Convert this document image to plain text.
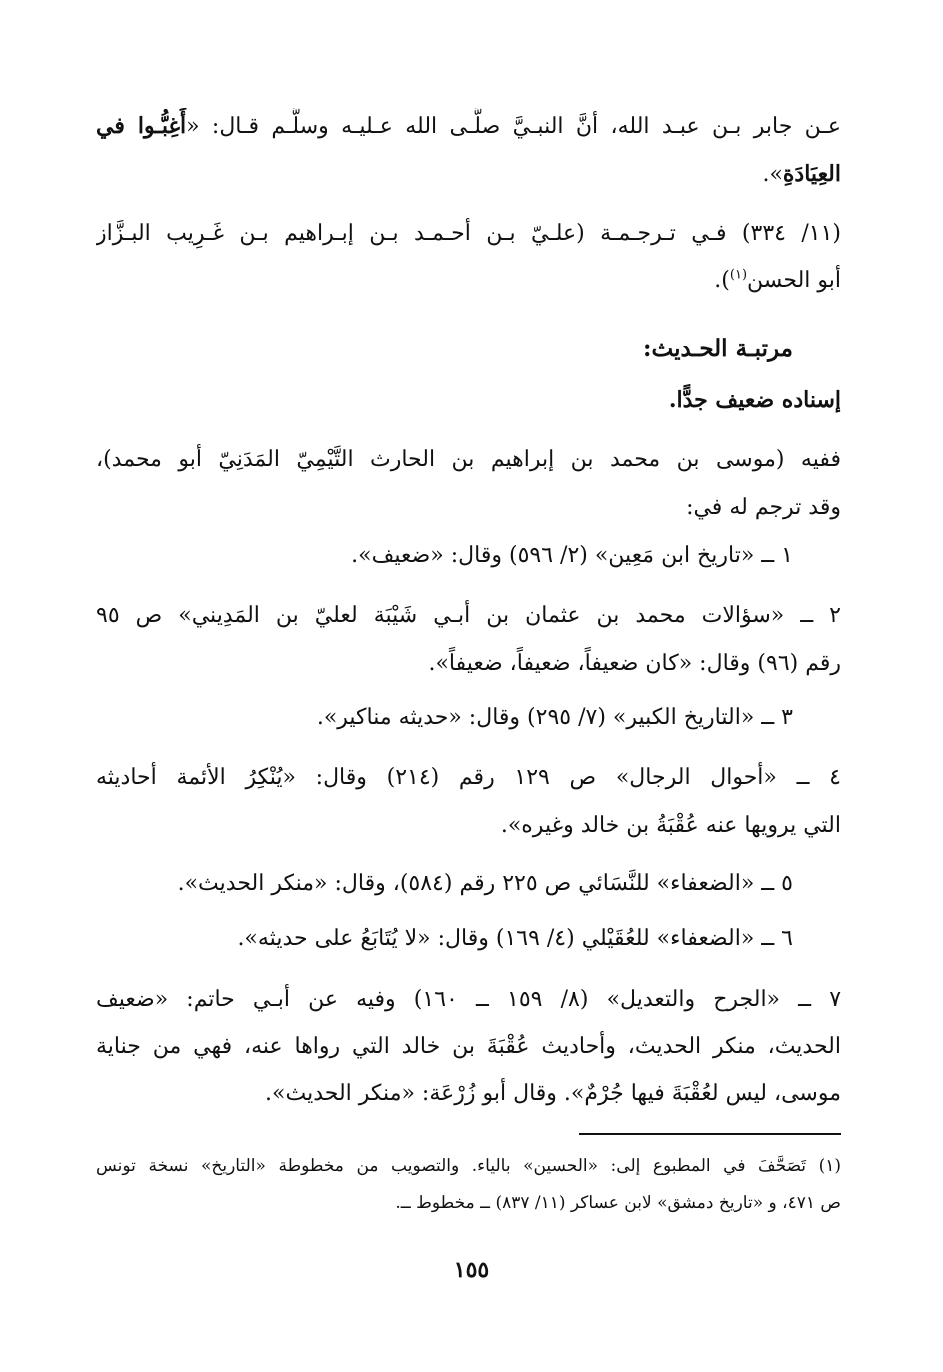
عـن جابر بـن عبـد الله، أنَّ النبـيَّ صلَّـى الله عـليـه وسلَّـم قـال: «أَغِبُّـوا في
العِيَادَةِ».
(١١/ ٣٣٤) فـي تـرجـمـة (علـيّ بـن أحـمـد بـن إبـراهيم بـن غَـرِيب البـزَّاز
أبو الحسن$^{(١)}$).
مرتبـة الحـديث:
إسناده ضعيف جدًّا.
ففيه (موسى بن محمد بن إبراهيم بن الحارث التَّيْمِيّ المَدَنِيّ أبو محمد)،
وقد ترجم له في:
١ ــ «تاريخ ابن مَعِين» (٢/ ٥٩٦) وقال: «ضعيف».
٢ ــ «سؤالات محمد بن عثمان بن أبـي شَيْبَة لعليّ بن المَدِيني» ص ٩٥
رقم (٩٦) وقال: «كان ضعيفاً، ضعيفاً، ضعيفاً».
٣ ــ «التاريخ الكبير» (٧/ ٢٩٥) وقال: «حديثه مناكير».
٤ ــ «أحوال الرجال» ص ١٢٩ رقم (٢١٤) وقال: «يُنْكِرُ الأئمة أحاديثه
التي يرويها عنه عُقْبَةُ بن خالد وغيره».
٥ ــ «الضعفاء» للنَّسَائي ص ٢٢٥ رقم (٥٨٤)، وقال: «منكر الحديث».
٦ ــ «الضعفاء» للعُقَيْلي (٤/ ١٦٩) وقال: «لا يُتَابَعُ على حديثه».
٧ ــ «الجرح والتعديل» (٨/ ١٥٩ ــ ١٦٠) وفيه عن أبـي حاتم: «ضعيف
الحديث، منكر الحديث، وأحاديث عُقْبَةَ بن خالد التي رواها عنه، فهي من جناية
موسى، ليس لعُقْبَةَ فيها جُرْمٌ». وقال أبو زُرْعَة: «منكر الحديث».
(١) تَصَحَّفَ في المطبوع إلى: «الحسين» بالياء. والتصويب من مخطوطة «التاريخ» نسخة تونس
ص ٤٧١، و «تاريخ دمشق» لابن عساكر (١١/ ٨٣٧) ــ مخطوط ــ.
١٥٥
